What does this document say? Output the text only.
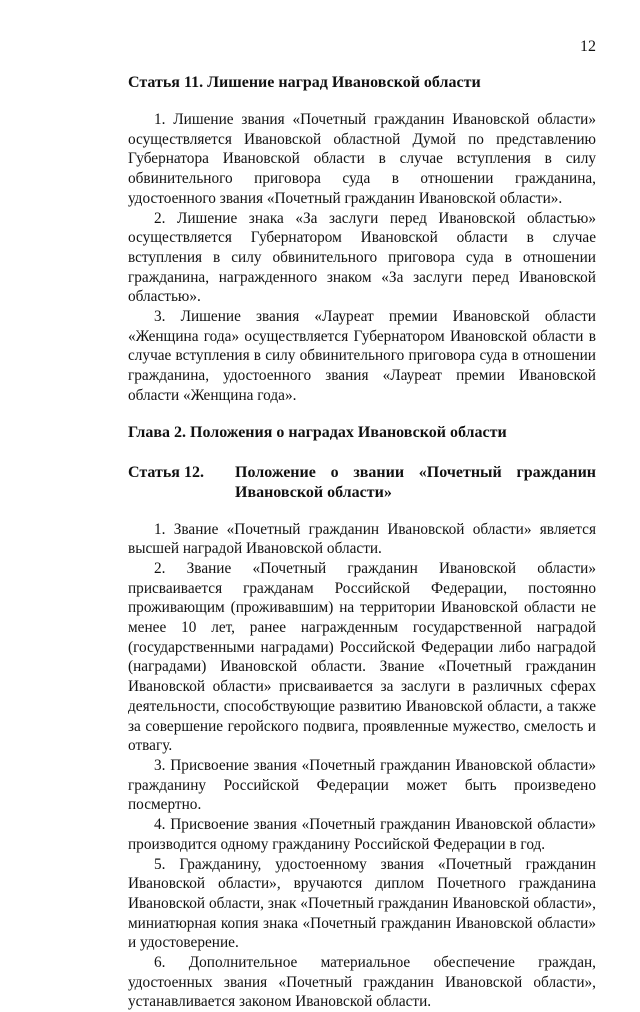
12

Статья 11. Лишение наград Ивановской области

1. Лишение звания «Почетный гражданин Ивановской области» осуществляется Ивановской областной Думой по представлению Губернатора Ивановской области в случае вступления в силу обвинительного приговора суда в отношении гражданина, удостоенного звания «Почетный гражданин Ивановской области».

2. Лишение знака «За заслуги перед Ивановской областью» осуществляется Губернатором Ивановской области в случае вступления в силу обвинительного приговора суда в отношении гражданина, награжденного знаком «За заслуги перед Ивановской областью».

3. Лишение звания «Лауреат премии Ивановской области «Женщина года» осуществляется Губернатором Ивановской области в случае вступления в силу обвинительного приговора суда в отношении гражданина, удостоенного звания «Лауреат премии Ивановской области «Женщина года».

Глава 2. Положения о наградах Ивановской области

Статья 12.	Положение о звании «Почетный гражданин
Ивановской области»

1. Звание «Почетный гражданин Ивановской области» является высшей наградой Ивановской области.

2. Звание «Почетный гражданин Ивановской области» присваивается гражданам Российской Федерации, постоянно проживающим (проживавшим) на территории Ивановской области не менее 10 лет, ранее награжденным государственной наградой (государственными наградами) Российской Федерации либо наградой (наградами) Ивановской области. Звание «Почетный гражданин Ивановской области» присваивается за заслуги в различных сферах деятельности, способствующие развитию Ивановской области, а также за совершение геройского подвига, проявленные мужество, смелость и отвагу.

3. Присвоение звания «Почетный гражданин Ивановской области» гражданину Российской Федерации может быть произведено посмертно.

4. Присвоение звания «Почетный гражданин Ивановской области» производится одному гражданину Российской Федерации в год.

5. Гражданину, удостоенному звания «Почетный гражданин Ивановской области», вручаются диплом Почетного гражданина Ивановской области, знак «Почетный гражданин Ивановской области», миниатюрная копия знака «Почетный гражданин Ивановской области» и удостоверение.

6. Дополнительное материальное обеспечение граждан, удостоенных звания «Почетный гражданин Ивановской области», устанавливается законом Ивановской области.
